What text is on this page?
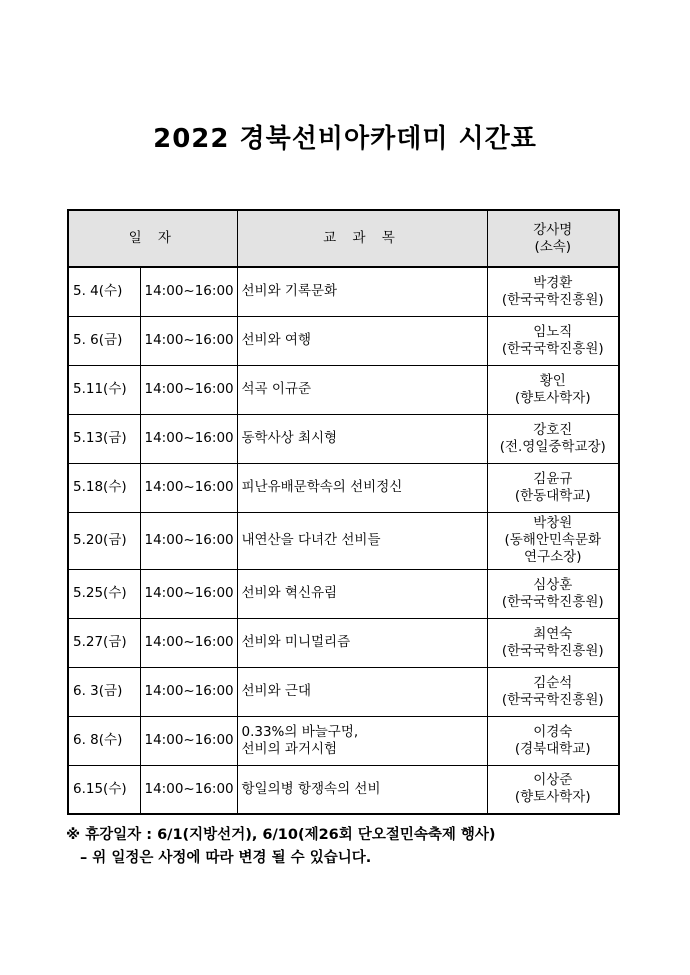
2022 경북선비아카데미 시간표
일 자		교 과 목	강사명
(소속)

5. 4(수)	14:00~16:00	선비와 기록문화	박경환
(한국국학진흥원)

5. 6(금)	14:00~16:00	선비와 여행	임노직
(한국국학진흥원)

5.11(수)	14:00~16:00	석곡 이규준	황인
(향토사학자)

5.13(금)	14:00~16:00	동학사상 최시형	강호진
(전.영일중학교장)

5.18(수)	14:00~16:00	피난유배문학속의 선비정신	김윤규
(한동대학교)

5.20(금)	14:00~16:00	내연산을 다녀간 선비들	박창원
(동해안민속문화
연구소장)

5.25(수)	14:00~16:00	선비와 혁신유림	심상훈
(한국국학진흥원)

5.27(금)	14:00~16:00	선비와 미니멀리즘	최연숙
(한국국학진흥원)

6. 3(금)	14:00~16:00	선비와 근대	김순석
(한국국학진흥원)

6. 8(수)	14:00~16:00	0.33%의 바늘구멍,
선비의 과거시험	이경숙
(경북대학교)

6.15(수)	14:00~16:00	항일의병 항쟁속의 선비	이상준
(향토사학자)
※ 휴강일자 : 6/1(지방선거), 6/10(제26회 단오절민속축제 행사)
– 위 일정은 사정에 따라 변경 될 수 있습니다.
